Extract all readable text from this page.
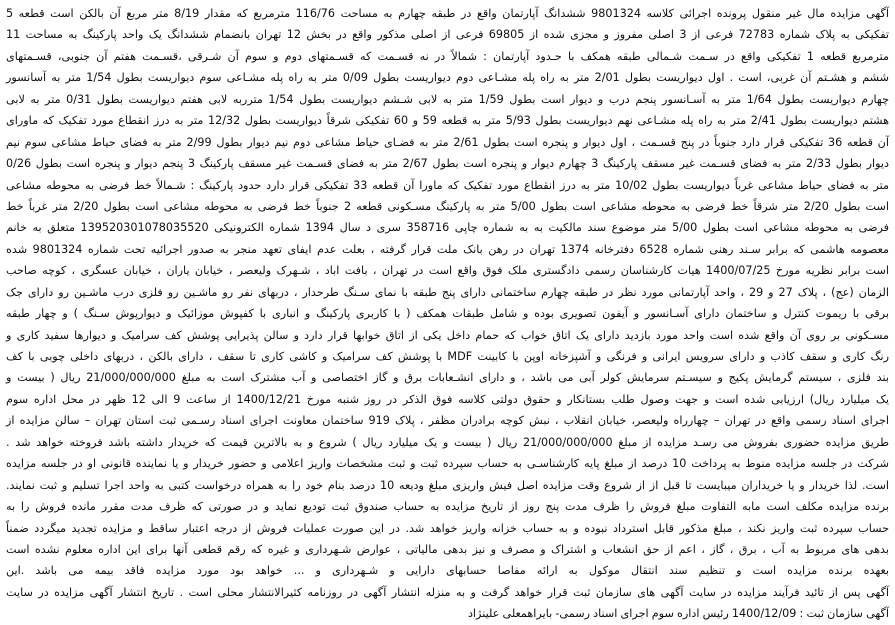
آگهی مزایده مال غیر منقول پرونده اجرائی کلاسه 9801324 ششدانگ آپارتمان واقع در طبقه چهارم به مساحت 116/76 مترمربع که مقدار 8/19 متر مربع آن بالکن است قطعه 5
تفکیکی به پلاک شماره 72783 فرعی از 3 اصلی مفروز و مجزی شده از 69805 فرعی از اصلی مذکور واقع در بخش 12 تهران بانضمام ششدانگ یک واحد پارکینگ به مساحت 11
مترمربع قطعه 1 تفکیکی واقع در سـمت شـمالی طبقه همکف با حـدود آپارتمان : شمالاً در نه قسـمت که قسـمتهای دوم و سوم آن شـرقی ،قسـمت هفتم آن جنوبی، قسـمتهای
ششم و هشـتم آن غربی، است . اول دیواریست بطول 2/01 متر به راه پله مشـاعی دوم دیواریست بطول 0/09 متر به راه پله مشـاعی سوم دیواریست بطول 1/54 متر به آسانسور
چهارم دیواریست بطول 1/64 متر به آسـانسور پنجم درب و دیوار است بطول 1/59 متر به لابی شـشم دیواریست بطول 1/54 مترربه لابی هفتم دیواریست بطول 0/31 متر به لابی
هشتم دیواریست بطول 2/41 متر به راه پله مشـاعی نهم دیواریست بطول 5/93 متر به قطعه 59 و 60 تفکیکی شرقاً دیواریست بطول 12/32 متر به درز انقطاع مورد تفکیک که ماورای
آن قطعه 36 تفکیکی قرار دارد جنوباً در پنج قسـمت ، اول دیوار و پنجره است بطول 2/61 متر به فضـای حیاط مشاعی دوم نیم دیوار بطول 2/99 متر به فضای حیاط مشاعی سوم نیم
دیوار بطول 2/33 متر به فضای قسـمت غیر مسقف پارکینگ 3 چهارم دیوار و پنجره است بطول 2/67 متر به فضای قسـمت غیر مسقف پارکینگ 3 پنجم دیوار و پنجره است بطول 0/26
متر به فضای حیاط مشاعی غرباً دیواریست بطول 10/02 متر به درز انقطاع مورد تفکیک که ماورا آن قطعه 33 تفکیکی قرار دارد حدود پارکینگ : شـمالاً خط فرضی به محوطه مشاعی
است بطول 2/20 متر شرقاً خط فرضی به محوطه مشاعی است بطول 5/00 متر به پارکینگ مسـکونی قطعه 2 جنوباً خط فرضی به محوطه مشاعی است بطول 2/20 متر غرباً خط
فرضی به محوطه مشاعی است بطول 5/00 متر موضوع سند مالکیت به به شماره چاپی 358716 سری د سال 1394 شماره الکترونیکی 139520301078035520 متعلق به خانم
معصومه هاشمی که برابر سـند رهنی شماره 6528 دفترخانه 1374 تهران در رهن بانک ملت قرار گرفته ، بعلت عدم ایفای تعهد منجر به صدور اجرائیه تحت شماره 9801324 شده
است برابر نظریه مورخ 1400/07/25 هیات کارشناسان رسمی دادگستری ملک فوق واقع است در تهران ، بافت اباد ، شـهرک ولیعصر ، خیابان یاران ، خیابان عسگری ، کوچه صاحب
الزمان (عج) ، پلاک 27 و 29 ، واحد آپارتمانی مورد نظر در طبقه چهارم ساختمانی دارای پنج طبقه با نمای سـنگ طرحدار ، دربهای نفر رو ماشـین رو فلزی درب ماشـین رو دارای جک
برقی با ریموت کنترل و ساختمان دارای آسـانسور و آیفون تصویری بوده و شامل طبقات همکف ( با کاربری پارکینگ و انباری با کفپوش موزائیک و دیوارپوش سـنگ ) و چهار طبقه
مسـکونی بر روی آن واقع شده است واحد مورد بازدید دارای یک اتاق خواب که حمام داخل یکی از اتاق خوابها قرار دارد و سالن پذیرایی پوشش کف سرامیک و دیوارها سفید کاری و
رنگ کاری و سقف کاذب و دارای سرویس ایرانی و فرنگی و آشپزخانه اوپن با کابینت MDF با پوشش کف سرامیک و کاشی کاری تا سقف ، دارای بالکن ، دربهای داخلی چوبی با کف
بند فلزی ، سیستم گرمایش پکیج و سیسـتم سرمایش کولر آبی می باشد ، و دارای انشـعابات برق و گاز اختصاصی و آب مشترک است به مبلغ 21/000/000/000 ریال ( بیست و
یک میلیارد ریال) ارزیابی شده است و جهت وصول طلب بستانکار و حقوق دولتی کلاسه فوق الذکر در روز شنبه مورخ 1400/12/21 از ساعت 9 الی 12 ظهر در محل اداره سوم
اجرای اسناد رسمی واقع در تهران – چهارراه ولیعصر، خیابان انقلاب ، نبش کوچه برادران مظفر ، پلاک 919 ساختمان معاونت اجرای اسناد رسـمی ثبت استان تهران – سالن مزایده از
طریق مزایده حضوری بفروش می رسـد مزایده از مبلغ 21/000/000/000 ریال ( بیست و یک میلیارد ریال ) شروع و به بالاترین قیمت که خریدار داشته باشد فروخته خواهد شد .
شرکت در جلسه مزایده منوط به پرداخت 10 درصد از مبلغ پایه کارشناسـی به حساب سپرده ثبت و ثبت مشخصات واریز اعلامی و حضور خریدار و یا نماینده قانونی او در جلسه مزایده
است. لذا خریدار و یا خریداران میبایست تا قبل از از شروع وقت مزایده اصل فیش واریزی مبلغ ودیعه 10 درصد بنام خود را به همراه درخواست کتبی به واحد اجرا تسلیم و ثبت نمایند.
برنده مزایده مکلف است مابه التفاوت مبلغ فروش را ظرف مدت پنج روز از تاریخ مزایده به حساب صندوق ثبت تودیع نماید و در صورتی که ظرف مدت مقرر مانده فروش را به
حساب سپرده ثبت واریز نکند ، مبلغ مذکور قابل استرداد نبوده و به حساب خزانه واریز خواهد شد. در این صورت عملیات فروش از درجه اعتبار ساقط و مزایده تجدید میگردد ضمناً
بدهی های مربوط به آب ، برق ، گاز ، اعم از حق انشعاب و اشتراک و مصرف و نیز بدهی مالیاتی ، عوارض شـهرداری و غیره که رقم قطعی آنها برای این اداره معلوم نشده است
بعهده برنده مزایده است و تنظیم سند انتقال موکول به ارائه مفاصا حسابهای دارایی و شـهرداری و ... خواهد بود مورد مزایده فاقد بیمه می باشد .این
آگهی پس از تائید فرآیند مزایده در سایت آگهی های سازمان ثبت قرار خواهد گرفت و به منزله انتشار آگهی در روزنامه کثیرالانتشار محلی است . تاریخ انتشار آگهی مزایده در سایت
آگهی سازمان ثبت : 1400/12/09 رئیس اداره سوم اجرای اسناد رسمی- بایراهمعلی علینژاد
